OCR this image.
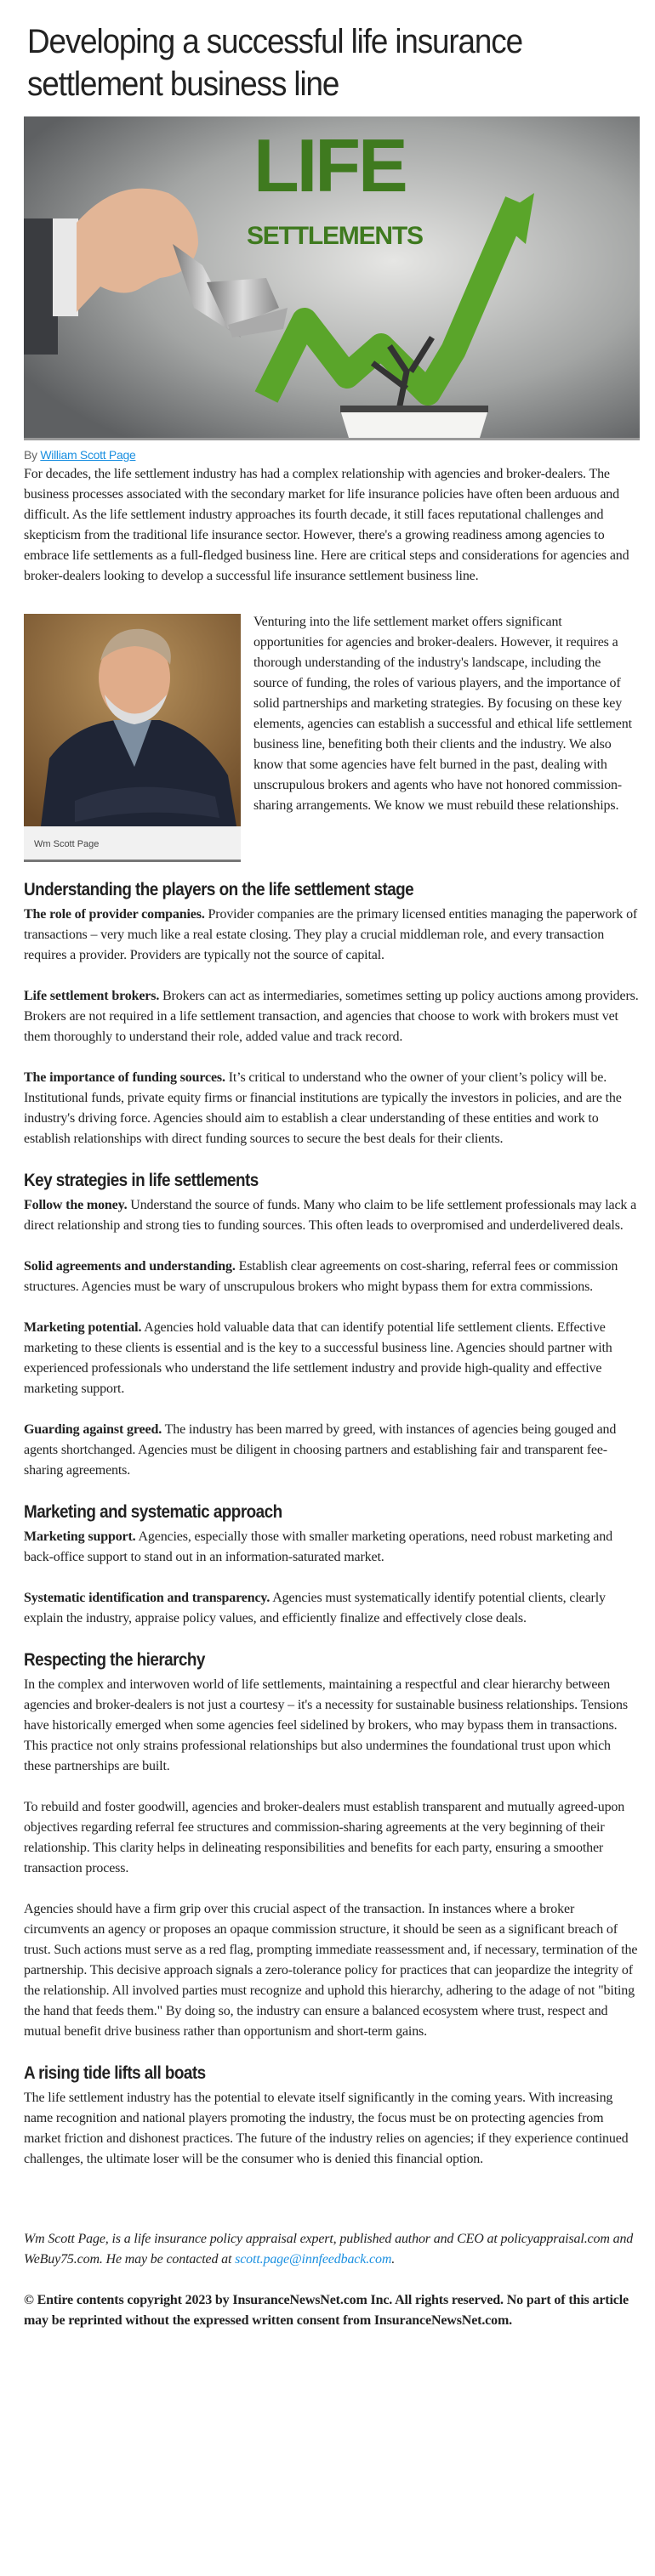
Developing a successful life insurance settlement business line
LIFE
SETTLEMENTS
By William Scott Page

For decades, the life settlement industry has had a complex relationship with agencies and broker-dealers. The business processes associated with the secondary market for life insurance policies have often been arduous and difficult. As the life settlement industry approaches its fourth decade, it still faces reputational challenges and skepticism from the traditional life insurance sector. However, there's a growing readiness among agencies to embrace life settlements as a full-fledged business line. Here are critical steps and considerations for agencies and broker-dealers looking to develop a successful life insurance settlement business line.

Wm Scott Page

Venturing into the life settlement market offers significant opportunities for agencies and broker-dealers. However, it requires a thorough understanding of the industry's landscape, including the source of funding, the roles of various players, and the importance of solid partnerships and marketing strategies. By focusing on these key elements, agencies can establish a successful and ethical life settlement business line, benefiting both their clients and the industry. We also know that some agencies have felt burned in the past, dealing with unscrupulous brokers and agents who have not honored commission-sharing arrangements. We know we must rebuild these relationships.

Understanding the players on the life settlement stage

The role of provider companies. Provider companies are the primary licensed entities managing the paperwork of transactions – very much like a real estate closing. They play a crucial middleman role, and every transaction requires a provider. Providers are typically not the source of capital.

Life settlement brokers. Brokers can act as intermediaries, sometimes setting up policy auctions among providers. Brokers are not required in a life settlement transaction, and agencies that choose to work with brokers must vet them thoroughly to understand their role, added value and track record.

The importance of funding sources. It’s critical to understand who the owner of your client’s policy will be. Institutional funds, private equity firms or financial institutions are typically the investors in policies, and are the industry's driving force. Agencies should aim to establish a clear understanding of these entities and work to establish relationships with direct funding sources to secure the best deals for their clients.

Key strategies in life settlements

Follow the money. Understand the source of funds. Many who claim to be life settlement professionals may lack a direct relationship and strong ties to funding sources. This often leads to overpromised and underdelivered deals.

Solid agreements and understanding. Establish clear agreements on cost-sharing, referral fees or commission structures. Agencies must be wary of unscrupulous brokers who might bypass them for extra commissions.

Marketing potential. Agencies hold valuable data that can identify potential life settlement clients. Effective marketing to these clients is essential and is the key to a successful business line. Agencies should partner with experienced professionals who understand the life settlement industry and provide high-quality and effective marketing support.

Guarding against greed. The industry has been marred by greed, with instances of agencies being gouged and agents shortchanged. Agencies must be diligent in choosing partners and establishing fair and transparent fee-sharing agreements.

Marketing and systematic approach

Marketing support. Agencies, especially those with smaller marketing operations, need robust marketing and back-office support to stand out in an information-saturated market.

Systematic identification and transparency. Agencies must systematically identify potential clients, clearly explain the industry, appraise policy values, and efficiently finalize and effectively close deals.

Respecting the hierarchy

In the complex and interwoven world of life settlements, maintaining a respectful and clear hierarchy between agencies and broker-dealers is not just a courtesy – it's a necessity for sustainable business relationships. Tensions have historically emerged when some agencies feel sidelined by brokers, who may bypass them in transactions. This practice not only strains professional relationships but also undermines the foundational trust upon which these partnerships are built.

To rebuild and foster goodwill, agencies and broker-dealers must establish transparent and mutually agreed-upon objectives regarding referral fee structures and commission-sharing agreements at the very beginning of their relationship. This clarity helps in delineating responsibilities and benefits for each party, ensuring a smoother transaction process.

Agencies should have a firm grip over this crucial aspect of the transaction. In instances where a broker circumvents an agency or proposes an opaque commission structure, it should be seen as a significant breach of trust. Such actions must serve as a red flag, prompting immediate reassessment and, if necessary, termination of the partnership. This decisive approach signals a zero-tolerance policy for practices that can jeopardize the integrity of the relationship. All involved parties must recognize and uphold this hierarchy, adhering to the adage of not "biting the hand that feeds them." By doing so, the industry can ensure a balanced ecosystem where trust, respect and mutual benefit drive business rather than opportunism and short-term gains.

A rising tide lifts all boats

The life settlement industry has the potential to elevate itself significantly in the coming years. With increasing name recognition and national players promoting the industry, the focus must be on protecting agencies from market friction and dishonest practices. The future of the industry relies on agencies; if they experience continued challenges, the ultimate loser will be the consumer who is denied this financial option.

Wm Scott Page, is a life insurance policy appraisal expert, published author and CEO at policyappraisal.com and WeBuy75.com. He may be contacted at scott.page@innfeedback.com.

© Entire contents copyright 2023 by InsuranceNewsNet.com Inc. All rights reserved. No part of this article may be reprinted without the expressed written consent from InsuranceNewsNet.com.
